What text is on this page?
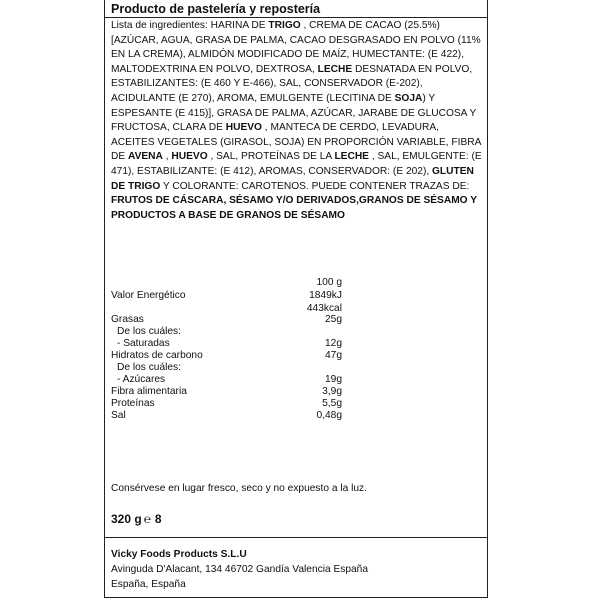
Producto de pastelería y repostería
Lista de ingredientes: HARINA DE TRIGO , CREMA DE CACAO (25.5%) [AZÚCAR, AGUA, GRASA DE PALMA, CACAO DESGRASADO EN POLVO (11% EN LA CREMA), ALMIDÓN MODIFICADO DE MAÍZ, HUMECTANTE: (E 422), MALTODEXTRINA EN POLVO, DEXTROSA, LECHE DESNATADA EN POLVO, ESTABILIZANTES: (E 460 Y E-466), SAL, CONSERVADOR (E-202), ACIDULANTE (E 270), AROMA, EMULGENTE (LECITINA DE SOJA) Y ESPESANTE (E 415)], GRASA DE PALMA, AZÚCAR, JARABE DE GLUCOSA Y FRUCTOSA, CLARA DE HUEVO , MANTECA DE CERDO, LEVADURA, ACEITES VEGETALES (GIRASOL, SOJA) EN PROPORCIÓN VARIABLE, FIBRA DE AVENA , HUEVO , SAL, PROTEÍNAS DE LA LECHE , SAL, EMULGENTE: (E 471), ESTABILIZANTE: (E 412), AROMAS, CONSERVADOR: (E 202), GLUTEN DE TRIGO Y COLORANTE: CAROTENOS. PUEDE CONTENER TRAZAS DE: FRUTOS DE CÁSCARA, SÉSAMO Y/O DERIVADOS,GRANOS DE SÉSAMO Y PRODUCTOS A BASE DE GRANOS DE SÉSAMO
100 g
Valor Energético	1849kJ
443kcal
Grasas	25g
De los cuáles:
- Saturadas	12g
Hidratos de carbono	47g
De los cuáles:
- Azúcares	19g
Fibra alimentaria	3,9g
Proteínas	5,5g
Sal	0,48g
Consérvese en lugar fresco, seco y no expuesto a la luz.
320 g ℮ 8
Vicky Foods Products S.L.U
Avinguda D'Alacant, 134 46702 Gandía Valencia España
España, España
